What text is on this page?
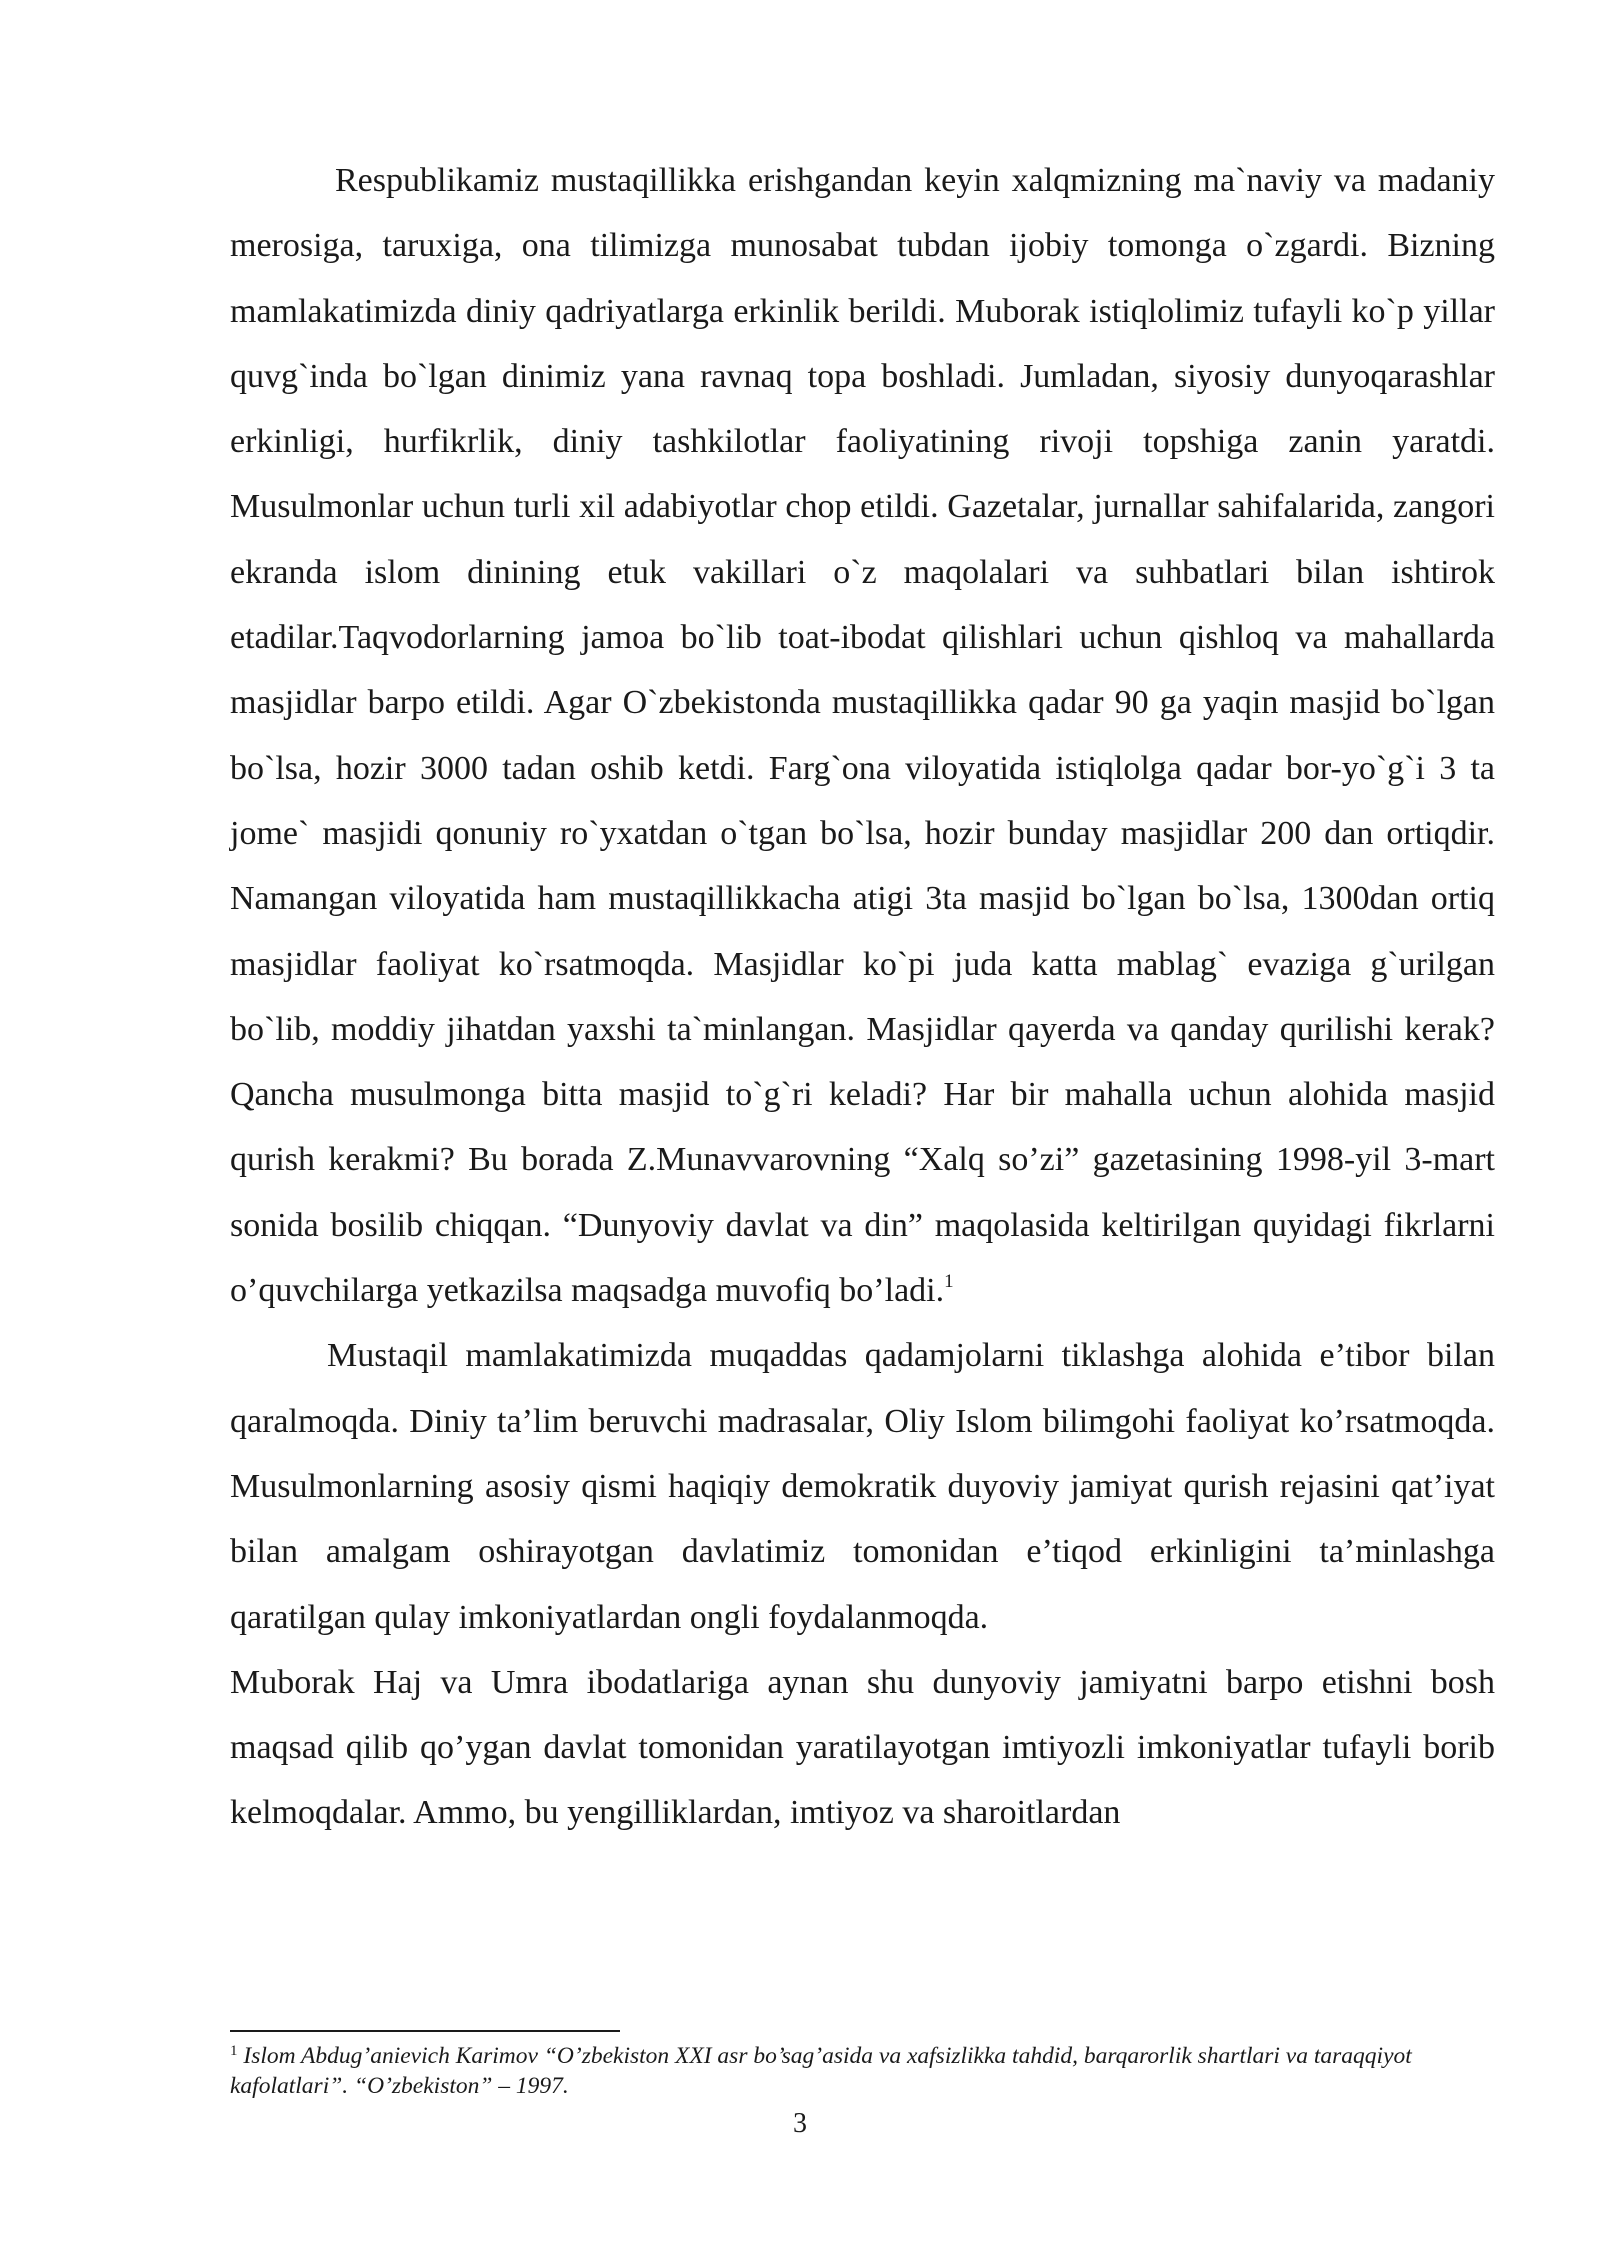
Respublikamiz mustaqillikka erishgandan keyin xalqmizning ma`naviy va madaniy merosiga, taruxiga, ona tilimizga munosabat tubdan ijobiy tomonga o`zgardi. Bizning mamlakatimizda diniy qadriyatlarga erkinlik berildi. Muborak istiqlolimiz tufayli ko`p yillar quvg`inda bo`lgan dinimiz yana ravnaq topa boshladi. Jumladan, siyosiy dunyoqarashlar erkinligi, hurfikrlik, diniy tashkilotlar faoliyatining rivoji topshiga zanin yaratdi. Musulmonlar uchun turli xil adabiyotlar chop etildi. Gazetalar, jurnallar sahifalarida, zangori ekranda islom dinining etuk vakillari o`z maqolalari va suhbatlari bilan ishtirok etadilar.Taqvodorlarning jamoa bo`lib toat-ibodat qilishlari uchun qishloq va mahallarda masjidlar barpo etildi. Agar O`zbekistonda mustaqillikka qadar 90 ga yaqin masjid bo`lgan bo`lsa, hozir 3000 tadan oshib ketdi. Farg`ona viloyatida istiqlolga qadar bor-yo`g`i 3 ta jome` masjidi qonuniy ro`yxatdan o`tgan bo`lsa, hozir bunday masjidlar 200 dan ortiqdir. Namangan viloyatida ham mustaqillikkacha atigi 3ta masjid bo`lgan bo`lsa, 1300dan ortiq masjidlar faoliyat ko`rsatmoqda. Masjidlar ko`pi juda katta mablag` evaziga g`urilgan bo`lib, moddiy jihatdan yaxshi ta`minlangan. Masjidlar qayerda va qanday qurilishi kerak? Qancha musulmonga bitta masjid to`g`ri keladi? Har bir mahalla uchun alohida masjid qurish kerakmi? Bu borada Z.Munavvarovning “Xalq so’zi” gazetasining 1998-yil 3-mart sonida bosilib chiqqan. “Dunyoviy davlat va din” maqolasida keltirilgan quyidagi fikrlarni o’quvchilarga yetkazilsa maqsadga muvofiq bo’ladi.$^1$

Mustaqil mamlakatimizda muqaddas qadamjolarni tiklashga alohida e’tibor bilan qaralmoqda. Diniy ta’lim beruvchi madrasalar, Oliy Islom bilimgohi faoliyat ko’rsatmoqda. Musulmonlarning asosiy qismi haqiqiy demokratik duyoviy jamiyat qurish rejasini qat’iyat bilan amalgam oshirayotgan davlatimiz tomonidan e’tiqod erkinligini ta’minlashga qaratilgan qulay imkoniyatlardan ongli foydalanmoqda.

Muborak Haj va Umra ibodatlariga aynan shu dunyoviy jamiyatni barpo etishni bosh maqsad qilib qo’ygan davlat tomonidan yaratilayotgan imtiyozli imkoniyatlar tufayli borib kelmoqdalar. Ammo, bu yengilliklardan, imtiyoz va sharoitlardan

$^1$ Islom Abdug’anievich Karimov “O’zbekiston XXI asr bo’sag’asida va xafsizlikka tahdid, barqarorlik shartlari va taraqqiyot kafolatlari”. “O’zbekiston” – 1997.
3
